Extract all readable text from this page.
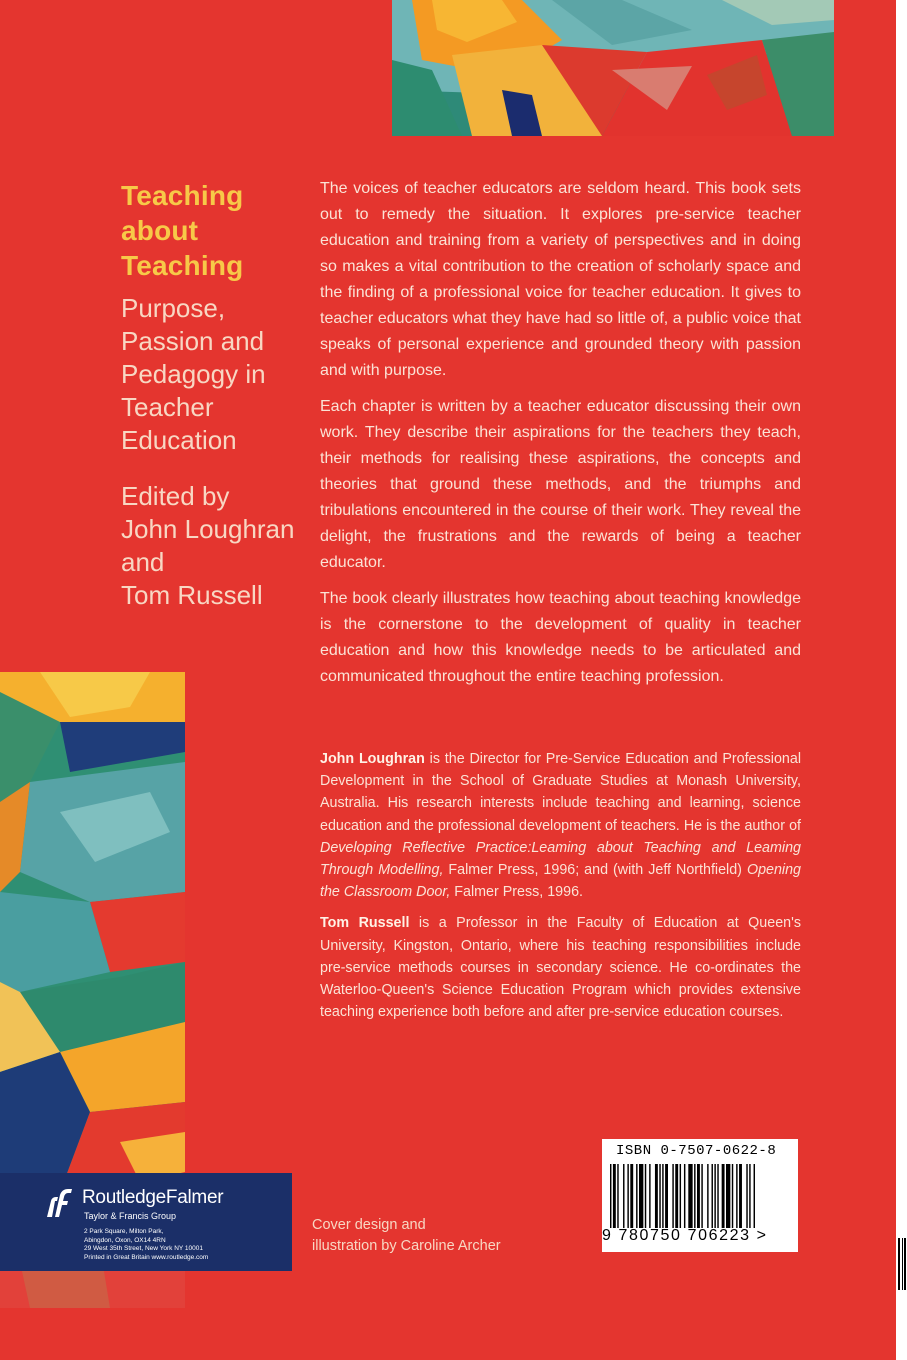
Teaching
about
Teaching
Purpose,
Passion and
Pedagogy in
Teacher
Education

Edited by
John Loughran
and
Tom Russell

The voices of teacher educators are seldom heard. This book sets out to remedy the situation. It explores pre-service teacher education and training from a variety of perspectives and in doing so makes a vital contribution to the creation of scholarly space and the finding of a professional voice for teacher education. It gives to teacher educators what they have had so little of, a public voice that speaks of personal experience and grounded theory with passion and with purpose.

Each chapter is written by a teacher educator discussing their own work. They describe their aspirations for the teachers they teach, their methods for realising these aspirations, the concepts and theories that ground these methods, and the triumphs and tribulations encountered in the course of their work. They reveal the delight, the frustrations and the rewards of being a teacher educator.

The book clearly illustrates how teaching about teaching knowledge is the cornerstone to the development of quality in teacher education and how this knowledge needs to be articulated and communicated throughout the entire teaching profession.

John Loughran is the Director for Pre-Service Education and Professional Development in the School of Graduate Studies at Monash University, Australia. His research interests include teaching and learning, science education and the professional development of teachers. He is the author of Developing Reflective Practice:Leaming about Teaching and Leaming Through Modelling, Falmer Press, 1996; and (with Jeff Northfield) Opening the Classroom Door, Falmer Press, 1996.

Tom Russell is a Professor in the Faculty of Education at Queen's University, Kingston, Ontario, where his teaching responsibilities include pre-service methods courses in secondary science. He co-ordinates the Waterloo-Queen's Science Education Program which provides extensive teaching experience both before and after pre-service education courses.

RoutledgeFalmer
Taylor & Francis Group
2 Park Square, Milton Park,
Abingdon, Oxon, OX14 4RN
29 West 35th Street, New York NY 10001
Printed in Great Britain www.routledge.com

Cover design and
illustration by Caroline Archer

ISBN 0-7507-0622-8
9 780750 706223 >
